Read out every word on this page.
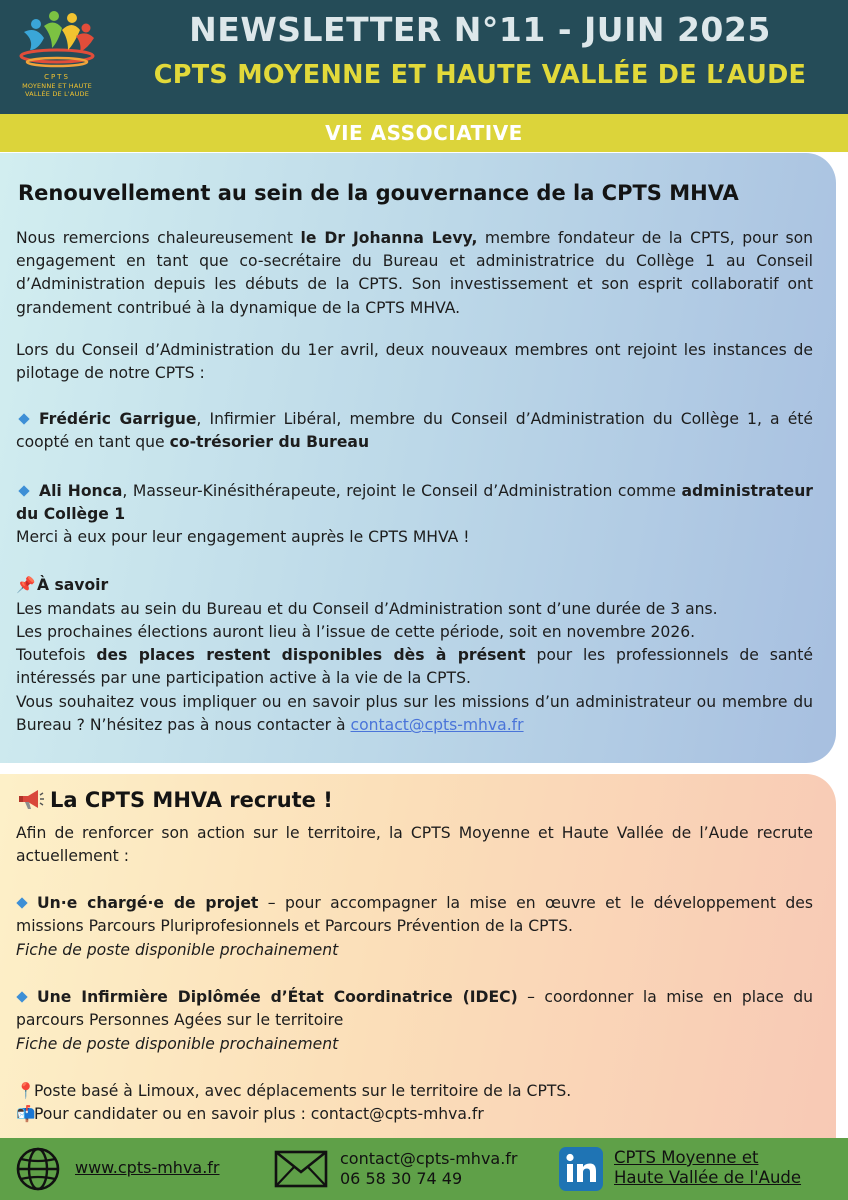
CPTS
MOYENNE ET HAUTE
VALLÉE DE L'AUDE
NEWSLETTER N°11 - JUIN 2025
CPTS MOYENNE ET HAUTE VALLÉE DE L’AUDE
VIE ASSOCIATIVE
Renouvellement au sein de la gouvernance de la CPTS MHVA
Nous remercions chaleureusement le Dr Johanna Levy, membre fondateur de la CPTS, pour son engagement en tant que co-secrétaire du Bureau et administratrice du Collège 1 au Conseil d’Administration depuis les débuts de la CPTS. Son investissement et son esprit collaboratif ont grandement contribué à la dynamique de la CPTS MHVA.
Lors du Conseil d’Administration du 1er avril, deux nouveaux membres ont rejoint les instances de pilotage de notre CPTS :
Frédéric Garrigue, Infirmier Libéral, membre du Conseil d’Administration du Collège 1, a été coopté en tant que co-trésorier du Bureau
Ali Honca, Masseur-Kinésithérapeute, rejoint le Conseil d’Administration comme administrateur du Collège 1
Merci à eux pour leur engagement auprès le CPTS MHVA !
📌 À savoir
Les mandats au sein du Bureau et du Conseil d’Administration sont d’une durée de 3 ans.
Les prochaines élections auront lieu à l’issue de cette période, soit en novembre 2026.
Toutefois des places restent disponibles dès à présent pour les professionnels de santé intéressés par une participation active à la vie de la CPTS.
Vous souhaitez vous impliquer ou en savoir plus sur les missions d’un administrateur ou membre du Bureau ? N’hésitez pas à nous contacter à contact@cpts-mhva.fr
La CPTS MHVA recrute !
Afin de renforcer son action sur le territoire, la CPTS Moyenne et Haute Vallée de l’Aude recrute actuellement :
Un·e chargé·e de projet – pour accompagner la mise en œuvre et le développement des missions Parcours Pluriprofesionnels et Parcours Prévention de la CPTS.
Fiche de poste disponible prochainement
Une Infirmière Diplômée d’État Coordinatrice (IDEC) – coordonner la mise en place du parcours Personnes Agées sur le territoire
Fiche de poste disponible prochainement
📍Poste basé à Limoux, avec déplacements sur le territoire de la CPTS.
📬Pour candidater ou en savoir plus : contact@cpts-mhva.fr
www.cpts-mhva.fr	contact@cpts-mhva.fr
06 58 30 74 49
CPTS Moyenne et
Haute Vallée de l'Aude
